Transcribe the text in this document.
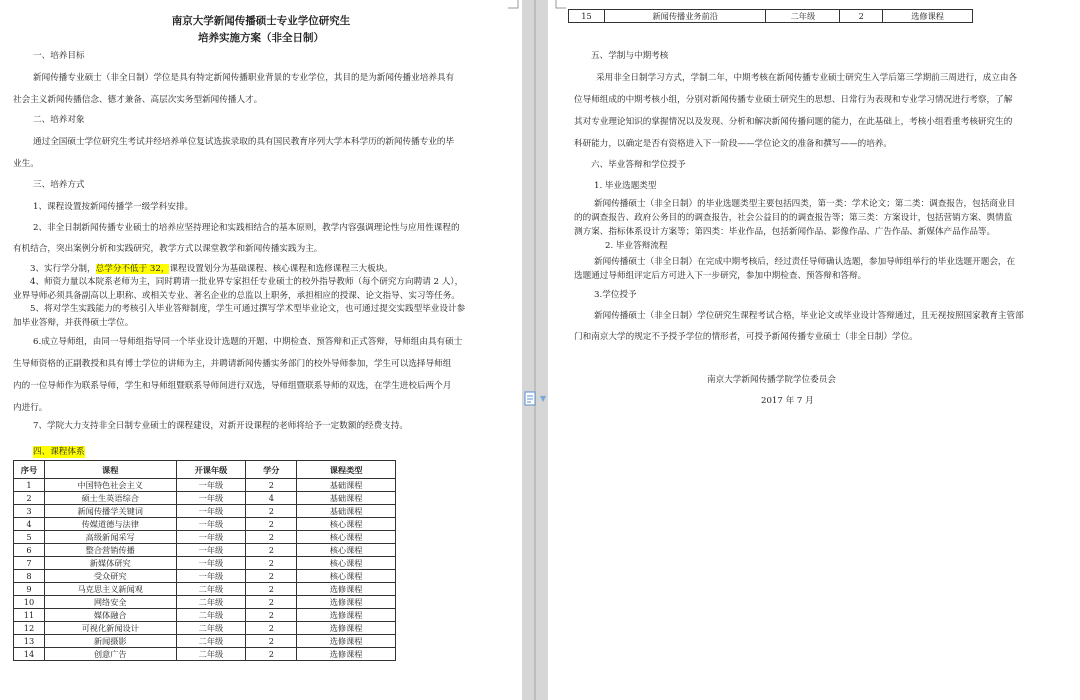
南京大学新闻传播硕士专业学位研究生
培养实施方案（非全日制）
一、培养目标
新闻传播专业硕士（非全日制）学位是具有特定新闻传播职业背景的专业学位，其目的是为新闻传播业培养具有
社会主义新闻传播信念、德才兼备、高层次实务型新闻传播人才。
二、培养对象
通过全国硕士学位研究生考试并经培养单位复试选拔录取的具有国民教育序列大学本科学历的新闻传播专业的毕
业生。
三、培养方式
1、课程设置按新闻传播学一级学科安排。
2、非全日制新闻传播专业硕士的培养应坚持理论和实践相结合的基本原则，教学内容强调理论性与应用性课程的
有机结合，突出案例分析和实践研究，教学方式以课堂教学和新闻传播实践为主。
3、实行学分制，总学分不低于 32，课程设置划分为基础课程、核心课程和选修课程三大板块。
4、师资力量以本院系老师为主，同时聘请一批业界专家担任专业硕士的校外指导教师（每个研究方向聘请 2 人），
业界导师必须具备副高以上职称、或相关专业、著名企业的总监以上职务，承担相应的授课、论文指导、实习等任务。
5、将对学生实践能力的考核引入毕业答辩制度，学生可通过撰写学术型毕业论文，也可通过提交实践型毕业设计参
加毕业答辩，并获得硕士学位。
6.成立导师组，由同一导师组指导同一个毕业设计选题的开题、中期检查、预答辩和正式答辩，导师组由具有硕士
生导师资格的正副教授和具有博士学位的讲师为主，并聘请新闻传播实务部门的校外导师参加，学生可以选择导师组
内的一位导师作为联系导师，学生和导师组暨联系导师间进行双选，导师组暨联系导师的双选，在学生进校后两个月
内进行。
7、学院大力支持非全日制专业硕士的课程建设，对新开设课程的老师将给予一定数额的经费支持。
四、课程体系
序号	课程	开课年级	学分	课程类型
1	中国特色社会主义	一年级	2	基础课程
2	硕士生英语综合	一年级	4	基础课程
3	新闻传播学关键词	一年级	2	基础课程
4	传媒道德与法律	一年级	2	核心课程
5	高级新闻采写	一年级	2	核心课程
6	整合营销传播	一年级	2	核心课程
7	新媒体研究	一年级	2	核心课程
8	受众研究	一年级	2	核心课程
9	马克思主义新闻观	二年级	2	选修课程
10	网络安全	二年级	2	选修课程
11	媒体融合	二年级	2	选修课程
12	可视化新闻设计	二年级	2	选修课程
13	新闻摄影	二年级	2	选修课程
14	创意广告	二年级	2	选修课程
▼
15	新闻传播业务前沿	二年级	2	选修课程
五、学制与中期考核
采用非全日制学习方式，学制二年，中期考核在新闻传播专业硕士研究生入学后第三学期前三周进行，成立由各
位导师组成的中期考核小组，分别对新闻传播专业硕士研究生的思想、日常行为表现和专业学习情况进行考察，了解
其对专业理论知识的掌握情况以及发现、分析和解决新闻传播问题的能力，在此基础上，考核小组看重考核研究生的
科研能力，以确定是否有资格进入下一阶段——学位论文的准备和撰写——的培养。
六、毕业答辩和学位授予
1. 毕业选题类型
新闻传播硕士（非全日制）的毕业选题类型主要包括四类，第一类：学术论文；第二类：调查报告，包括商业目
的的调查报告、政府公务目的的调查报告，社会公益目的的调查报告等；第三类：方案设计，包括营销方案、舆情监
测方案、指标体系设计方案等；第四类：毕业作品，包括新闻作品、影像作品、广告作品、新媒体产品作品等。
2. 毕业答辩流程
新闻传播硕士（非全日制）在完成中期考核后，经过责任导师确认选题，参加导师组举行的毕业选题开题会，在
选题通过导师组评定后方可进入下一步研究，参加中期检查、预答辩和答辩。
3.学位授予
新闻传播硕士（非全日制）学位研究生课程考试合格，毕业论文或毕业设计答辩通过，且无视按照国家教育主管部
门和南京大学的规定不予授予学位的情形者，可授予新闻传播专业硕士（非全日制）学位。
南京大学新闻传播学院学位委员会
2017 年 7 月
